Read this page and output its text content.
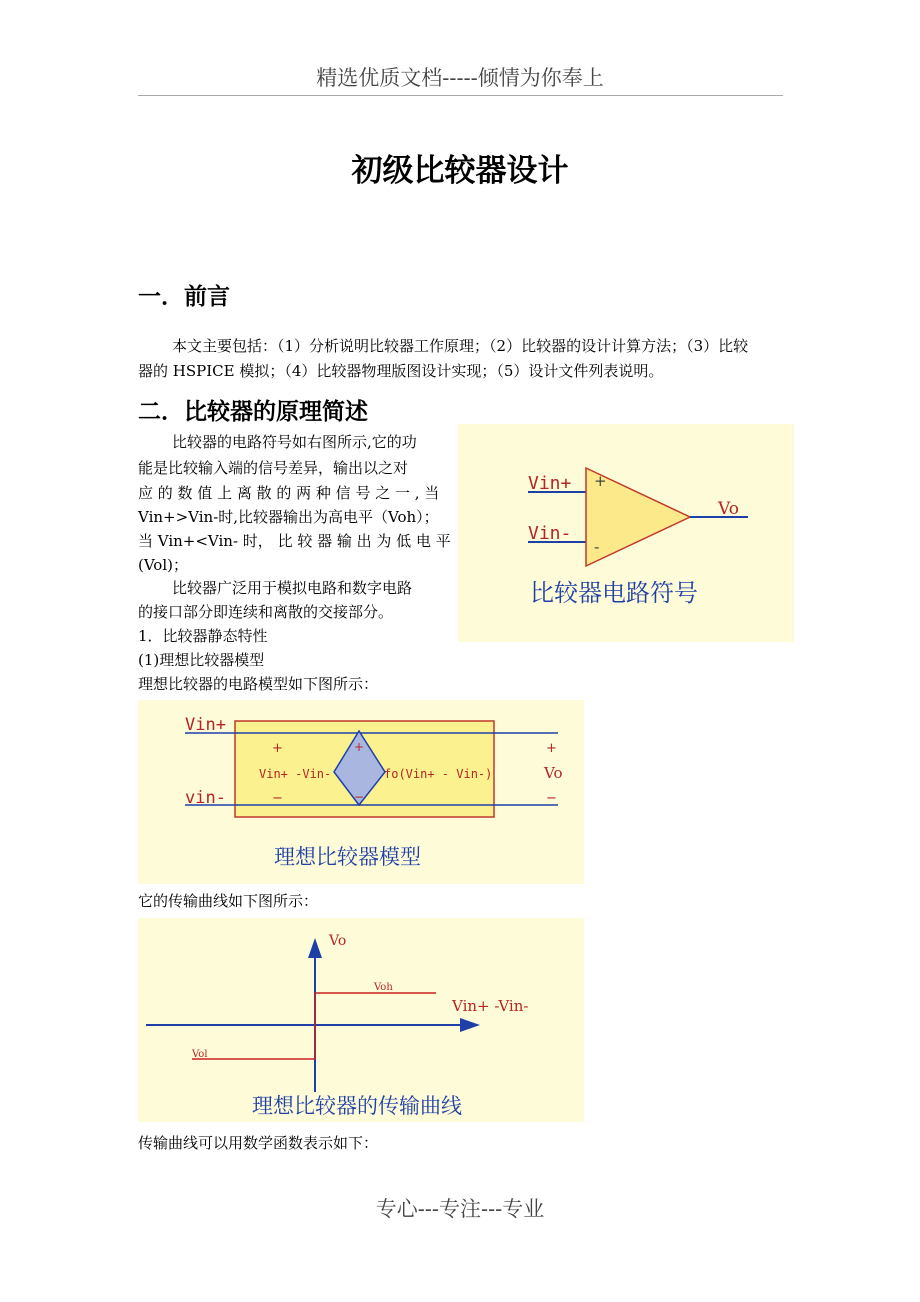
精选优质文档-----倾情为你奉上
初级比较器设计
一．前言
本文主要包括：（1）分析说明比较器工作原理；（2）比较器的设计计算方法；（3）比较
器的 HSPICE 模拟；（4）比较器物理版图设计实现；（5）设计文件列表说明。
二．比较器的原理简述
比较器的电路符号如右图所示,它的功
能是比较输入端的信号差异，输出以之对
应 的 数 值 上 离 散 的 两 种 信 号 之 一 , 当
Vin+>Vin-时,比较器输出为高电平（Voh）；
当 Vin+<Vin- 时， 比 较 器 输 出 为 低 电 平
(Vol)；
比较器广泛用于模拟电路和数字电路
的接口部分即连续和离散的交接部分。
1．比较器静态特性
(1)理想比较器模型
理想比较器的电路模型如下图所示：
Vin+
Vin-
+
-
Vo
比较器电路符号
Vin+
vin-
+
−
Vin+ -Vin-
+
−
fo(Vin+ - Vin-)
+
Vo
−
理想比较器模型
它的传输曲线如下图所示：
Vo
Voh
Vol
Vin+ -Vin-
理想比较器的传输曲线
传输曲线可以用数学函数表示如下：
专心---专注---专业
